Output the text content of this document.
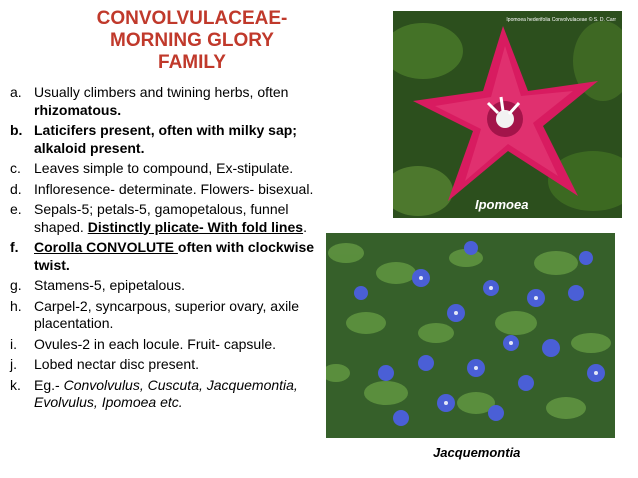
CONVOLVULACEAE-
MORNING GLORY
FAMILY
a. Usually climbers and twining herbs, often rhizomatous.
b. Laticifers present, often with milky sap; alkaloid present.
c. Leaves simple to compound, Ex-stipulate.
d. Infloresence- determinate. Flowers- bisexual.
e. Sepals-5; petals-5, gamopetalous, funnel shaped. Distinctly plicate- With fold lines.
f.	Corolla CONVOLUTE often with clockwise twist.
g. Stamens-5, epipetalous.
h. Carpel-2, syncarpous, superior ovary, axile placentation.
i.	Ovules-2 in each locule. Fruit- capsule.
j.	Lobed nectar disc present.
k. Eg.- Convolvulus, Cuscuta, Jacquemontia, Evolvulus, Ipomoea etc.
Ipomoea hederifolia Convolvulaceae © S. D. Carr
Ipomoea
Jacquemontia
